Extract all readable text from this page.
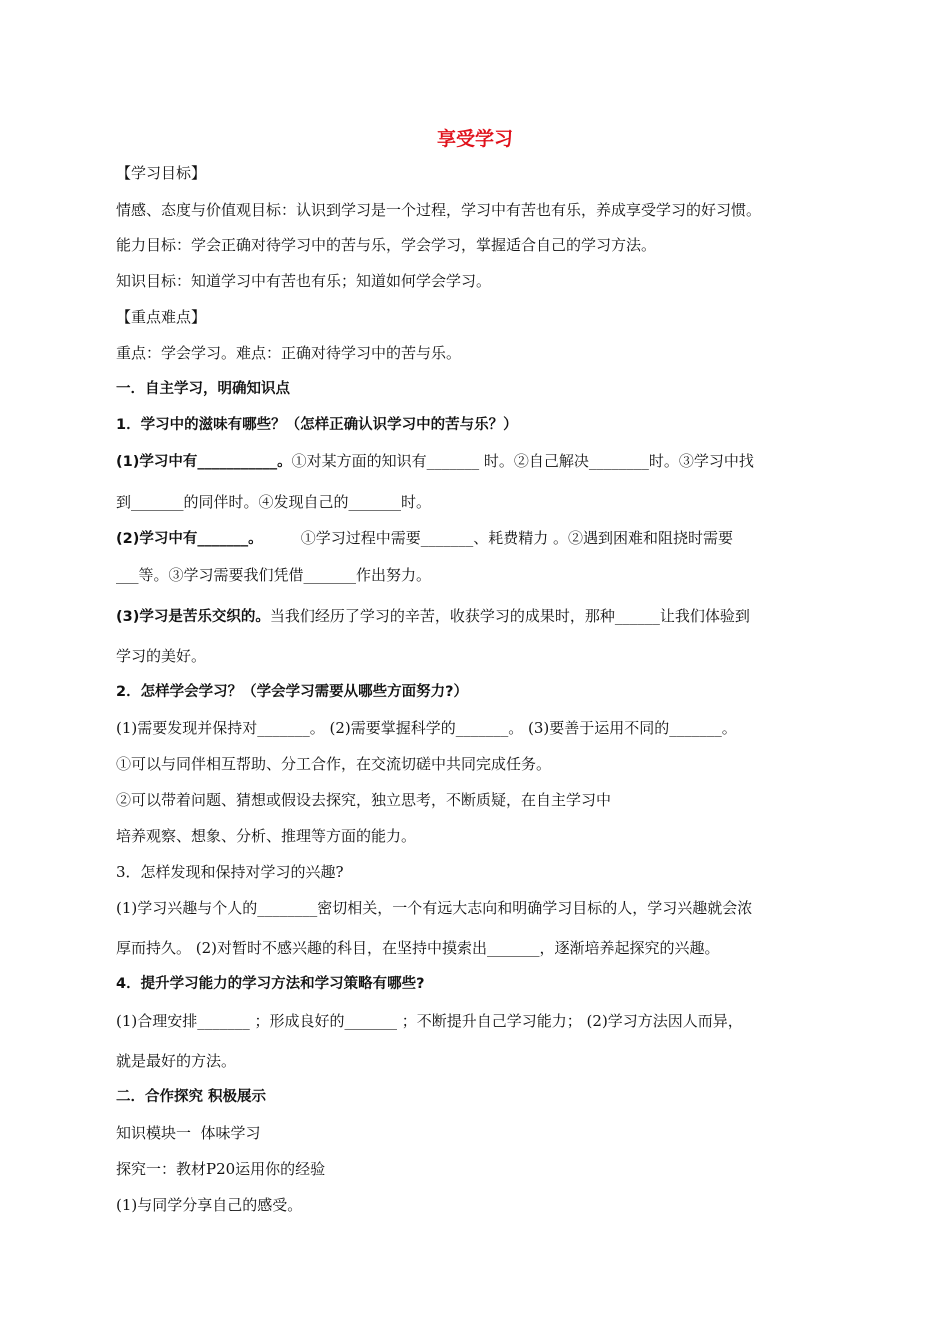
享受学习
【学习目标】
情感、态度与价值观目标：认识到学习是一个过程，学习中有苦也有乐，养成享受学习的好习惯。
能力目标：学会正确对待学习中的苦与乐，学会学习，掌握适合自己的学习方法。
知识目标：知道学习中有苦也有乐；知道如何学会学习。
【重点难点】
重点：学会学习。难点：正确对待学习中的苦与乐。
一．自主学习，明确知识点
1．学习中的滋味有哪些？（怎样正确认识学习中的苦与乐？）
(1)学习中有___________。①对某方面的知识有_______ 时。②自己解决________时。③学习中找
到_______的同伴时。④发现自己的_______时。
(2)学习中有_______。        ①学习过程中需要_______、耗费精力 。②遇到困难和阻挠时需要
___等。③学习需要我们凭借_______作出努力。
(3)学习是苦乐交织的。当我们经历了学习的辛苦，收获学习的成果时，那种______让我们体验到
学习的美好。
2．怎样学会学习？（学会学习需要从哪些方面努力?）
(1)需要发现并保持对_______。 (2)需要掌握科学的_______。 (3)要善于运用不同的_______。
①可以与同伴相互帮助、分工合作，在交流切磋中共同完成任务。
②可以带着问题、猜想或假设去探究，独立思考，不断质疑，在自主学习中
培养观察、想象、分析、推理等方面的能力。
3．怎样发现和保持对学习的兴趣?
(1)学习兴趣与个人的________密切相关，一个有远大志向和明确学习目标的人，学习兴趣就会浓
厚而持久。 (2)对暂时不感兴趣的科目，在坚持中摸索出_______，逐渐培养起探究的兴趣。
4．提升学习能力的学习方法和学习策略有哪些?
(1)合理安排_______ ；形成良好的_______ ；不断提升自己学习能力； (2)学习方法因人而异，
就是最好的方法。
二．合作探究 积极展示
知识模块一  体味学习
探究一：教材P20运用你的经验
(1)与同学分享自己的感受。
